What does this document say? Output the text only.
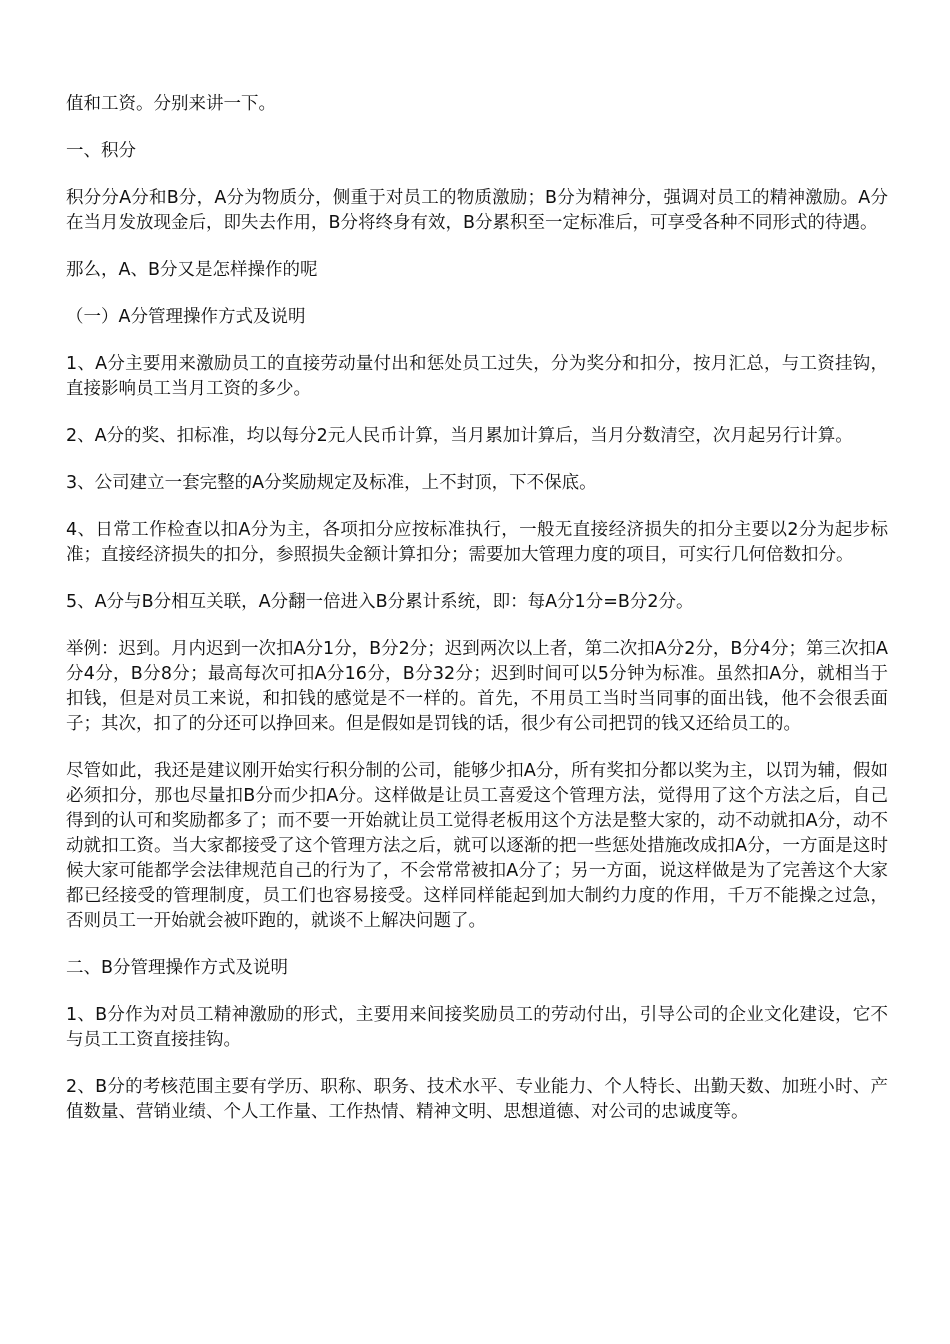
值和工资。分别来讲一下。

一、积分

积分分A分和B分，A分为物质分，侧重于对员工的物质激励；B分为精神分，强调对员工的精神激励。A分在当月发放现金后，即失去作用，B分将终身有效，B分累积至一定标准后，可享受各种不同形式的待遇。

那么，A、B分又是怎样操作的呢

（一）A分管理操作方式及说明

1、A分主要用来激励员工的直接劳动量付出和惩处员工过失，分为奖分和扣分，按月汇总，与工资挂钩，直接影响员工当月工资的多少。

2、A分的奖、扣标准，均以每分2元人民币计算，当月累加计算后，当月分数清空，次月起另行计算。

3、公司建立一套完整的A分奖励规定及标准，上不封顶，下不保底。

4、日常工作检查以扣A分为主，各项扣分应按标准执行，一般无直接经济损失的扣分主要以2分为起步标准；直接经济损失的扣分，参照损失金额计算扣分；需要加大管理力度的项目，可实行几何倍数扣分。

5、A分与B分相互关联，A分翻一倍进入B分累计系统，即：每A分1分=B分2分。

举例：迟到。月内迟到一次扣A分1分，B分2分；迟到两次以上者，第二次扣A分2分，B分4分；第三次扣A分4分，B分8分；最高每次可扣A分16分，B分32分；迟到时间可以5分钟为标准。虽然扣A分，就相当于扣钱，但是对员工来说，和扣钱的感觉是不一样的。首先，不用员工当时当同事的面出钱，他不会很丢面子；其次，扣了的分还可以挣回来。但是假如是罚钱的话，很少有公司把罚的钱又还给员工的。

尽管如此，我还是建议刚开始实行积分制的公司，能够少扣A分，所有奖扣分都以奖为主，以罚为辅，假如必须扣分，那也尽量扣B分而少扣A分。这样做是让员工喜爱这个管理方法，觉得用了这个方法之后，自己得到的认可和奖励都多了；而不要一开始就让员工觉得老板用这个方法是整大家的，动不动就扣A分，动不动就扣工资。当大家都接受了这个管理方法之后，就可以逐渐的把一些惩处措施改成扣A分，一方面是这时候大家可能都学会法律规范自己的行为了，不会常常被扣A分了；另一方面，说这样做是为了完善这个大家都已经接受的管理制度，员工们也容易接受。这样同样能起到加大制约力度的作用，千万不能操之过急，否则员工一开始就会被吓跑的，就谈不上解决问题了。

二、B分管理操作方式及说明

1、B分作为对员工精神激励的形式，主要用来间接奖励员工的劳动付出，引导公司的企业文化建设，它不与员工工资直接挂钩。

2、B分的考核范围主要有学历、职称、职务、技术水平、专业能力、个人特长、出勤天数、加班小时、产值数量、营销业绩、个人工作量、工作热情、精神文明、思想道德、对公司的忠诚度等。
